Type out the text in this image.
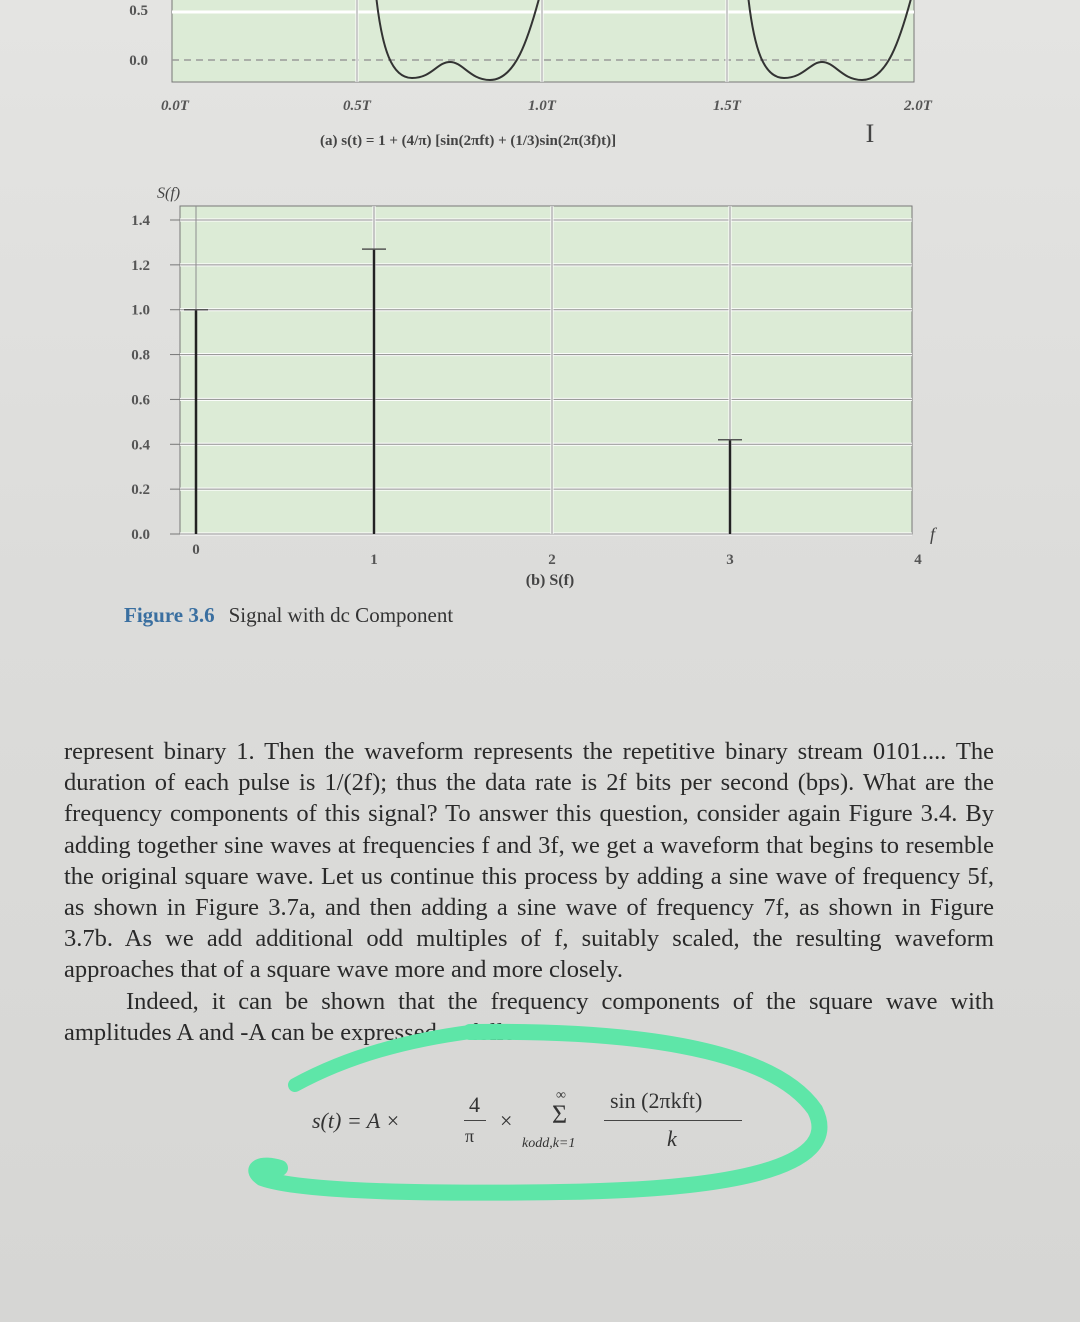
0.5
0.0
0.0T	0.5T	1.0T	1.5T	2.0T
(a) s(t) = 1 + (4/π) [sin(2πft) + (1/3)sin(2π(3f)t)]	I
1.4
1.2
1.0
0.8
0.6
0.4
0.2
0.0
0
1	2	3	4
S(f)
f
(b) S(f)
Figure 3.6 Signal with dc Component

represent binary 1. Then the waveform represents the repetitive binary stream 0101.... The duration of each pulse is 1/(2f); thus the data rate is 2f bits per second (bps). What are the frequency components of this signal? To answer this question, consider again Figure 3.4. By adding together sine waves at frequencies f and 3f, we get a waveform that begins to resemble the original square wave. Let us continue this process by adding a sine wave of frequency 5f, as shown in Figure 3.7a, and then adding a sine wave of frequency 7f, as shown in Figure 3.7b. As we add additional odd multiples of f, suitably scaled, the resulting waveform approaches that of a square wave more and more closely.

Indeed, it can be shown that the frequency components of the square wave with amplitudes A and -A can be expressed as follows:

s(t) = A ×
4
π
×
∞
Σ
kodd,k=1
sin (2πkft)
k
